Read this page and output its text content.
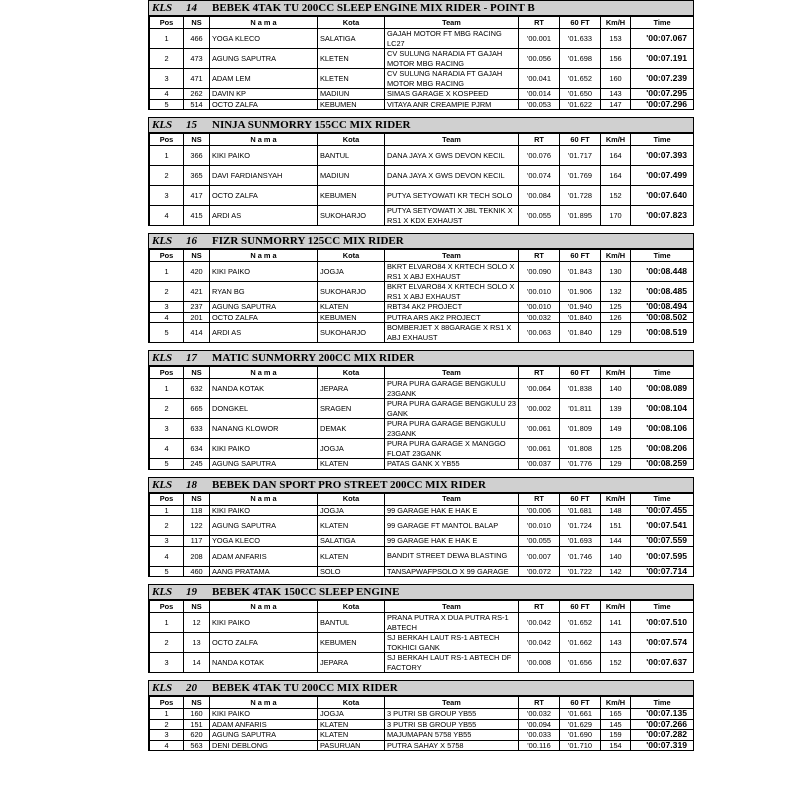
KLS 14 BEBEK 4TAK TU 200CC SLEEP ENGINE MIX RIDER - POINT B
Pos	NS	N a m a	Kota	Team	RT	60 FT	Km/H	Time
1	466	YOGA KLECO	SALATIGA	GAJAH MOTOR FT MBG RACING LC27	'00.001	'01.633	153	'00:07.067
2	473	AGUNG SAPUTRA	KLETEN	CV SULUNG NARADIA FT GAJAH MOTOR MBG RACING	'00.056	'01.698	156	'00:07.191
3	471	ADAM LEM	KLETEN	CV SULUNG NARADIA FT GAJAH MOTOR MBG RACING	'00.041	'01.652	160	'00:07.239
4	262	DAVIN KP	MADIUN	SIMAS GARAGE X KOSPEED	'00.014	'01.650	143	'00:07.295
5	514	OCTO ZALFA	KEBUMEN	VITAYA ANR CREAMPIE PJRM	'00.053	'01.622	147	'00:07.296
KLS 15 NINJA SUNMORRY 155CC MIX RIDER
Pos	NS	N a m a	Kota	Team	RT	60 FT	Km/H	Time
1	366	KIKI PAIKO	BANTUL	DANA JAYA X GWS DEVON KECIL	'00.076	'01.717	164	'00:07.393
2	365	DAVI FARDIANSYAH	MADIUN	DANA JAYA X GWS DEVON KECIL	'00.074	'01.769	164	'00:07.499
3	417	OCTO ZALFA	KEBUMEN	PUTYA SETYOWATI KR TECH SOLO	'00.084	'01.728	152	'00:07.640
4	415	ARDI AS	SUKOHARJO	PUTYA SETYOWATI X JBL TEKNIK X RS1 X KDX EXHAUST	'00.055	'01.895	170	'00:07.823
KLS 16 FIZR SUNMORRY 125CC MIX RIDER
Pos	NS	N a m a	Kota	Team	RT	60 FT	Km/H	Time
1	420	KIKI PAIKO	JOGJA	BKRT ELVARO84 X KRTECH SOLO X RS1 X ABJ EXHAUST	'00.090	'01.843	130	'00:08.448
2	421	RYAN BG	SUKOHARJO	BKRT ELVARO84 X KRTECH SOLO X RS1 X ABJ EXHAUST	'00.010	'01.906	132	'00:08.485
3	237	AGUNG SAPUTRA	KLATEN	RBT34 AK2 PROJECT	'00.010	'01.940	125	'00:08.494
4	201	OCTO ZALFA	KEBUMEN	PUTRA ARS AK2 PROJECT	'00.032	'01.840	126	'00:08.502
5	414	ARDI AS	SUKOHARJO	BOMBERJET X 88GARAGE X RS1 X ABJ EXHAUST	'00.063	'01.840	129	'00:08.519
KLS 17 MATIC SUNMORRY 200CC MIX RIDER
Pos	NS	N a m a	Kota	Team	RT	60 FT	Km/H	Time
1	632	NANDA KOTAK	JEPARA	PURA PURA GARAGE BENGKULU 23GANK	'00.064	'01.838	140	'00:08.089
2	665	DONGKEL	SRAGEN	PURA PURA GARAGE BENGKULU 23 GANK	'00.002	'01.811	139	'00:08.104
3	633	NANANG KLOWOR	DEMAK	PURA PURA GARAGE BENGKULU 23GANK	'00.061	'01.809	149	'00:08.106
4	634	KIKI PAIKO	JOGJA	PURA PURA GARAGE X MANGGO FLOAT 23GANK	'00.061	'01.808	125	'00:08.206
5	245	AGUNG SAPUTRA	KLATEN	PATAS GANK X YB55	'00.037	'01.776	129	'00:08.259
KLS 18 BEBEK DAN SPORT PRO STREET 200CC MIX RIDER
Pos	NS	N a m a	Kota	Team	RT	60 FT	Km/H	Time
1	118	KIKI PAIKO	JOGJA	99 GARAGE HAK E HAK E	'00.006	'01.681	148	'00:07.455
2	122	AGUNG SAPUTRA	KLATEN	99 GARAGE FT MANTOL BALAP	'00.010	'01.724	151	'00:07.541
3	117	YOGA KLECO	SALATIGA	99 GARAGE HAK E HAK E	'00.055	'01.693	144	'00:07.559
4	208	ADAM ANFARIS	KLATEN	BANDIT STREET DEWA BLASTING	'00.007	'01.746	140	'00:07.595
5	460	AANG PRATAMA	SOLO	TANSAPWAFPSOLO X 99 GARAGE	'00.072	'01.722	142	'00:07.714
KLS 19 BEBEK 4TAK 150CC SLEEP ENGINE
Pos	NS	N a m a	Kota	Team	RT	60 FT	Km/H	Time
1	12	KIKI PAIKO	BANTUL	PRANA PUTRA X DUA PUTRA RS-1 ABTECH	'00.042	'01.652	141	'00:07.510
2	13	OCTO ZALFA	KEBUMEN	SJ BERKAH LAUT RS-1 ABTECH TOKHICI GANK	'00.042	'01.662	143	'00:07.574
3	14	NANDA KOTAK	JEPARA	SJ BERKAH LAUT RS-1 ABTECH DF FACTORY	'00.008	'01.656	152	'00:07.637
KLS 20 BEBEK 4TAK TU 200CC MIX RIDER
Pos	NS	N a m a	Kota	Team	RT	60 FT	Km/H	Time
1	160	KIKI PAIKO	JOGJA	3 PUTRI SB GROUP YB55	'00.032	'01.661	165	'00:07.135
2	151	ADAM ANFARIS	KLATEN	3 PUTRI SB GROUP YB55	'00.094	'01.629	145	'00:07.266
3	620	AGUNG SAPUTRA	KLATEN	MAJUMAPAN 5758 YB55	'00.033	'01.690	159	'00:07.282
4	563	DENI DEBLONG	PASURUAN	PUTRA SAHAY X 5758	'00.116	'01.710	154	'00:07.319
